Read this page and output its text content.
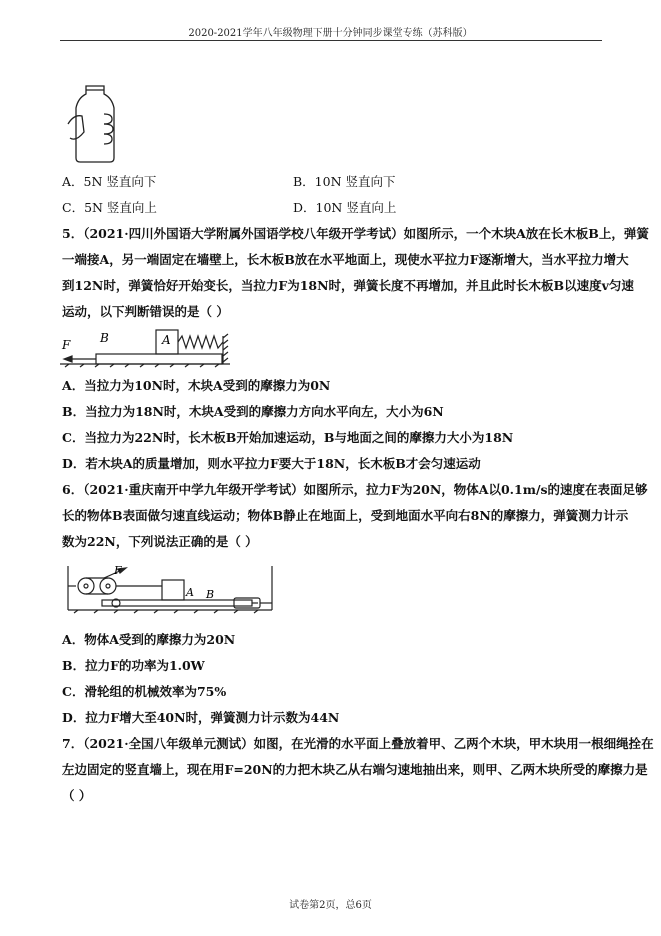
2020-2021学年八年级物理下册十分钟同步课堂专练（苏科版）
A．5N 竖直向下	B．10N 竖直向下
C．5N 竖直向上	D．10N 竖直向上
5．（2021·四川外国语大学附属外国语学校八年级开学考试）如图所示，一个木块A放在长木板B上，弹簧
一端接A，另一端固定在墙壁上，长木板B放在水平地面上，现使水平拉力F逐渐增大，当水平拉力增大
到12N时，弹簧恰好开始变长，当拉力F为18N时，弹簧长度不再增加，并且此时长木板B以速度v匀速
运动，以下判断错误的是（ ）
F B	A
A．当拉力为10N时，木块A受到的摩擦力为0N
B．当拉力为18N时，木块A受到的摩擦力方向水平向左，大小为6N
C．当拉力为22N时，长木板B开始加速运动，B与地面之间的摩擦力大小为18N
D．若木块A的质量增加，则水平拉力F要大于18N，长木板B才会匀速运动
6．（2021·重庆南开中学九年级开学考试）如图所示，拉力F为20N，物体A以0.1m/s的速度在表面足够
长的物体B表面做匀速直线运动；物体B静止在地面上，受到地面水平向右8N的摩擦力，弹簧测力计示
数为22N，下列说法正确的是（ ）
F
A B
A．物体A受到的摩擦力为20N
B．拉力F的功率为1.0W
C．滑轮组的机械效率为75%
D．拉力F增大至40N时，弹簧测力计示数为44N
7．（2021·全国八年级单元测试）如图，在光滑的水平面上叠放着甲、乙两个木块，甲木块用一根细绳拴在
左边固定的竖直墙上，现在用F=20N的力把木块乙从右端匀速地抽出来，则甲、乙两木块所受的摩擦力是
（ ）
试卷第2页，总6页
